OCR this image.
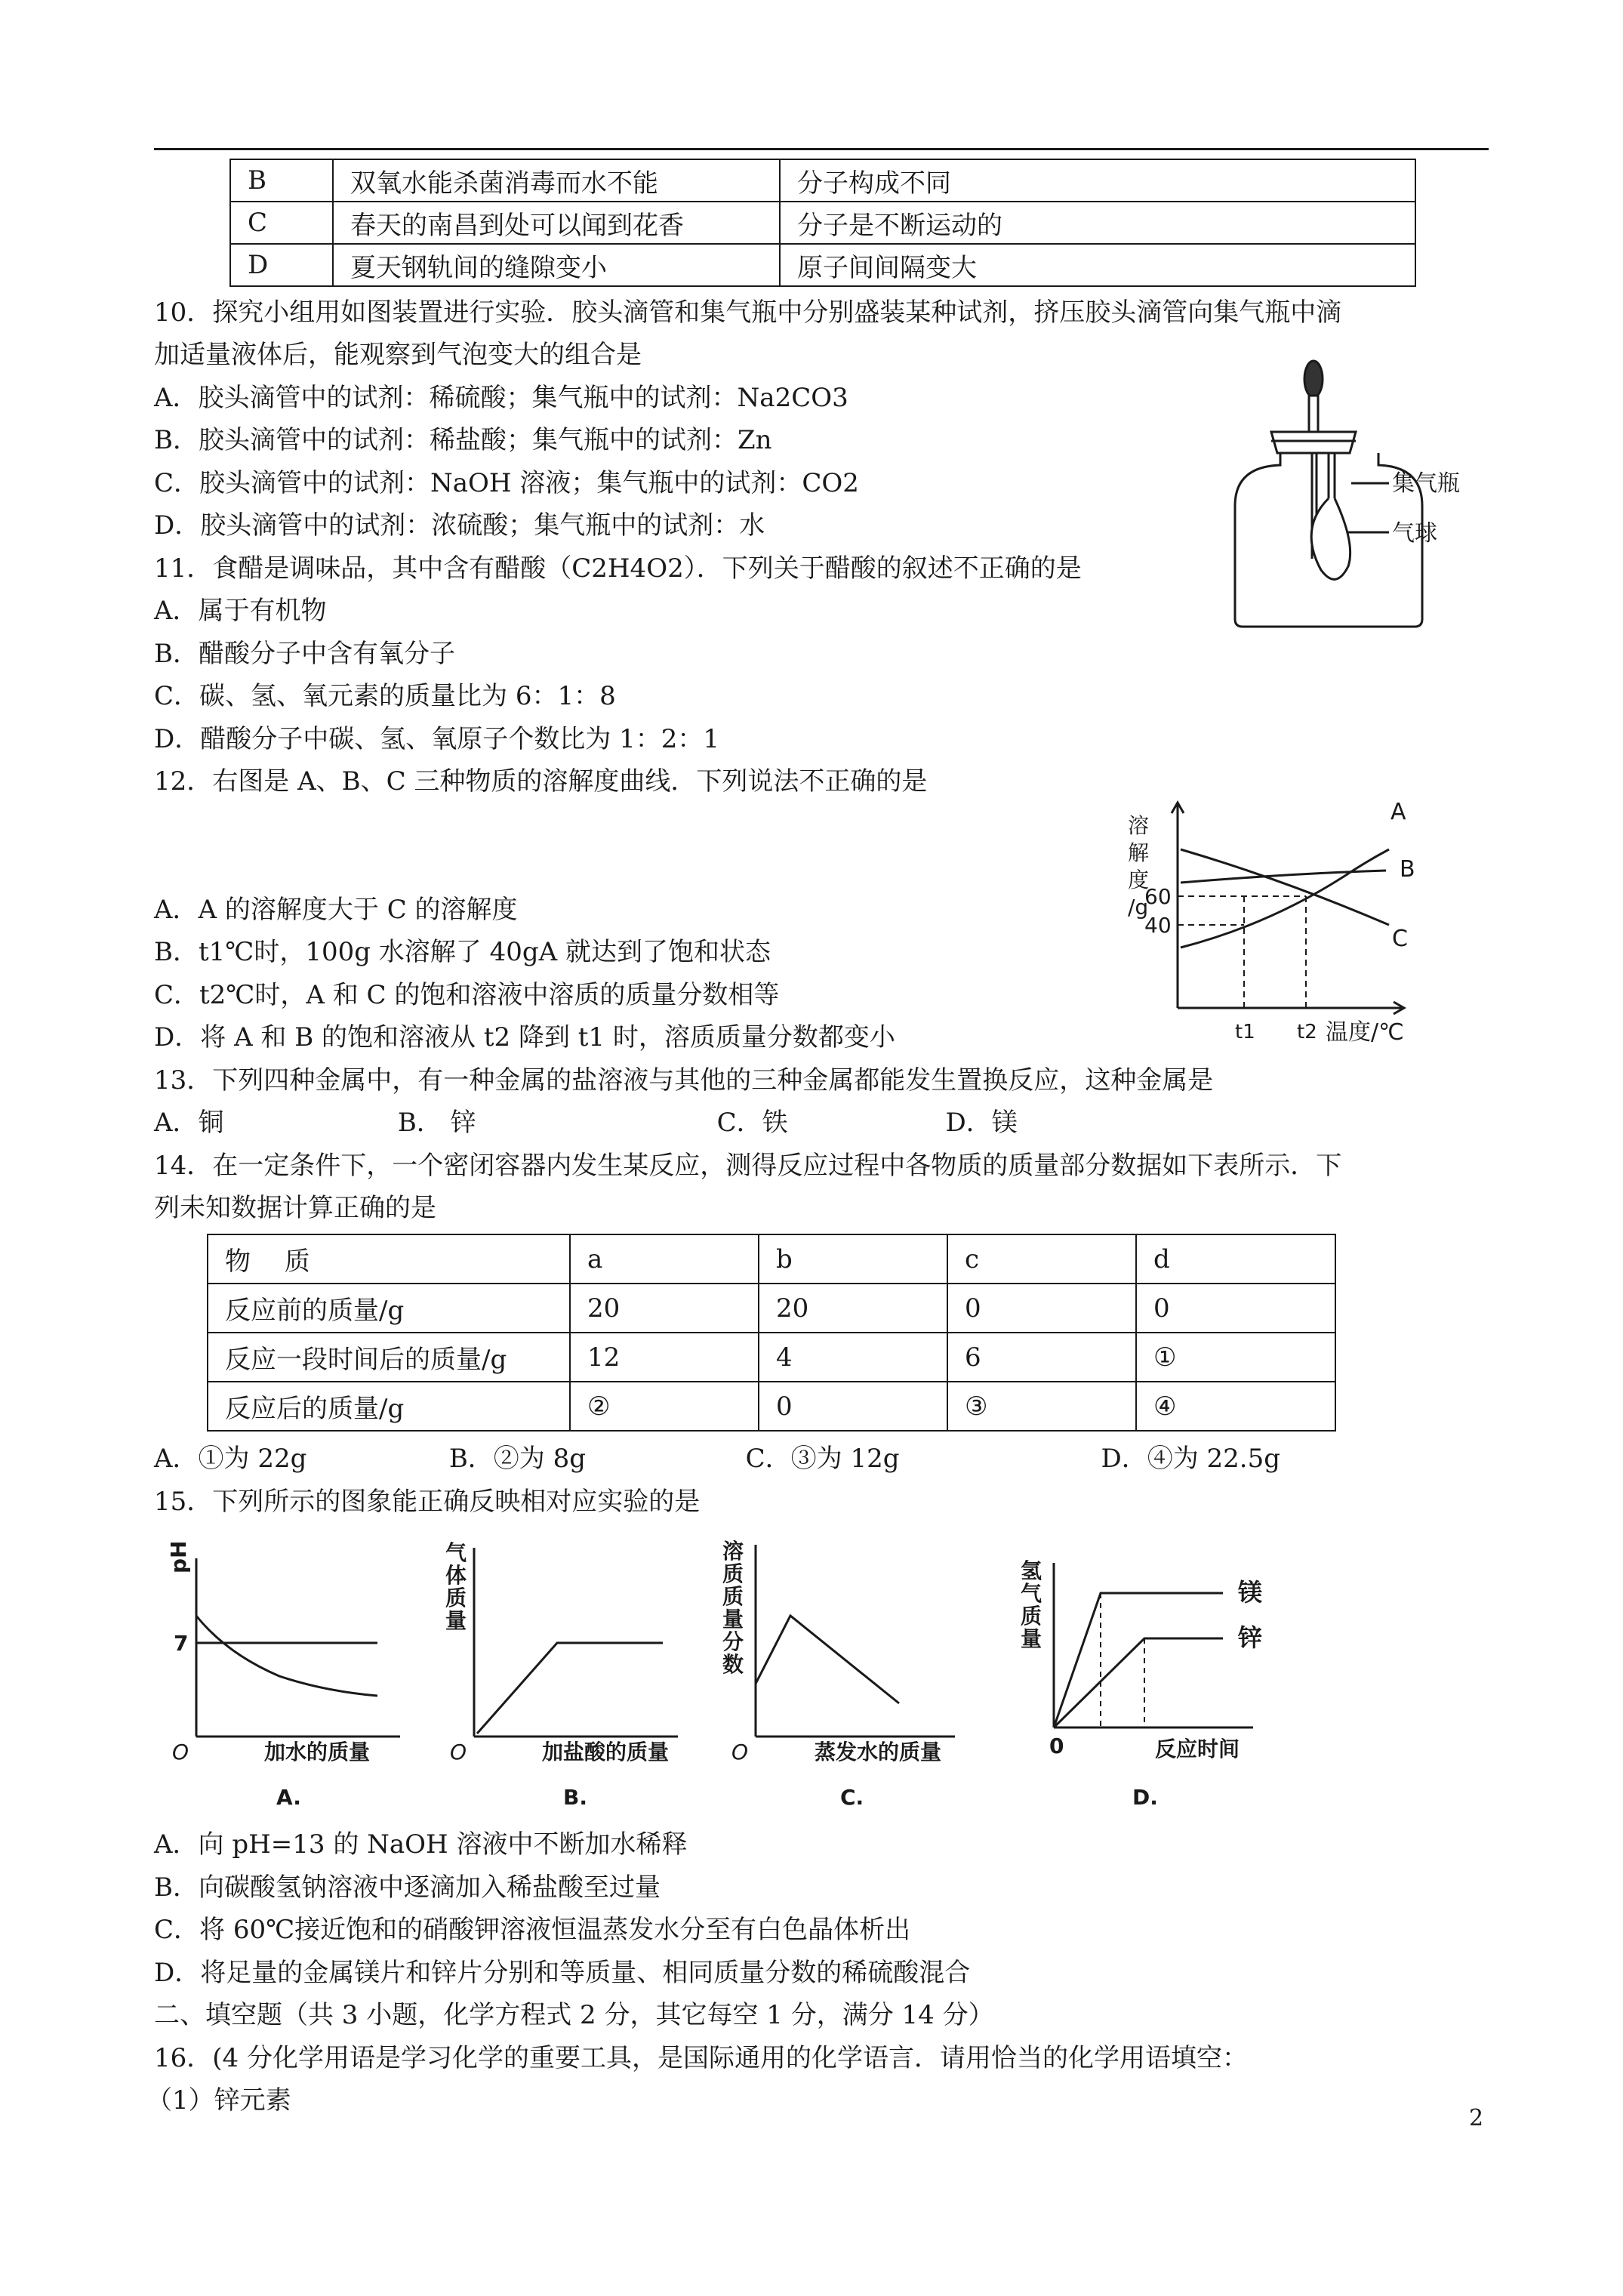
B	双氧水能杀菌消毒而水不能	分子构成不同
C	春天的南昌到处可以闻到花香	分子是不断运动的
D	夏天钢轨间的缝隙变小	原子间间隔变大
10．探究小组用如图装置进行实验．胶头滴管和集气瓶中分别盛装某种试剂，挤压胶头滴管向集气瓶中滴
加适量液体后，能观察到气泡变大的组合是
A．胶头滴管中的试剂：稀硫酸；集气瓶中的试剂：Na2CO3
B．胶头滴管中的试剂：稀盐酸；集气瓶中的试剂：Zn
C．胶头滴管中的试剂：NaOH 溶液；集气瓶中的试剂：CO2
D．胶头滴管中的试剂：浓硫酸；集气瓶中的试剂：水
集气瓶
气球
11．食醋是调味品，其中含有醋酸（C2H4O2）．下列关于醋酸的叙述不正确的是
A．属于有机物
B．醋酸分子中含有氧分子
C．碳、氢、氧元素的质量比为 6：1：8
D．醋酸分子中碳、氢、氧原子个数比为 1：2：1
12．右图是 A、B、C 三种物质的溶解度曲线．下列说法不正确的是
A．A 的溶解度大于 C 的溶解度
B．t1℃时，100g 水溶解了 40gA 就达到了饱和状态
C．t2℃时，A 和 C 的饱和溶液中溶质的质量分数相等
D．将 A 和 B 的饱和溶液从 t2 降到 t1 时，溶质质量分数都变小
溶
解
度
/g
60
40
t1 t2 温度/℃
A
B
C
13．下列四种金属中，有一种金属的盐溶液与其他的三种金属都能发生置换反应，这种金属是
A．铜	B． 锌	C．铁	D．镁
14．在一定条件下，一个密闭容器内发生某反应，测得反应过程中各物质的质量部分数据如下表所示．下
列未知数据计算正确的是
物　 质	a	b	c	d
反应前的质量/g	20	20	0	0
反应一段时间后的质量/g	12	4	6	①
反应后的质量/g	②	0	③	④
A．①为 22g	B．②为 8g	C．③为 12g	D．④为 22.5g
15．下列所示的图象能正确反映相对应实验的是
pH
7
O	加水的质量
A.
气
体
质
量
O	加盐酸的质量
B.
溶
质
质
量
分
数
O	蒸发水的质量
C.
氢
气
质
量
0	反应时间
镁
锌
D.
A．向 pH=13 的 NaOH 溶液中不断加水稀释
B．向碳酸氢钠溶液中逐滴加入稀盐酸至过量
C．将 60℃接近饱和的硝酸钾溶液恒温蒸发水分至有白色晶体析出
D．将足量的金属镁片和锌片分别和等质量、相同质量分数的稀硫酸混合
二、填空题（共 3 小题，化学方程式 2 分，其它每空 1 分，满分 14 分）
16．(4 分化学用语是学习化学的重要工具，是国际通用的化学语言．请用恰当的化学用语填空：
（1）锌元素
2
